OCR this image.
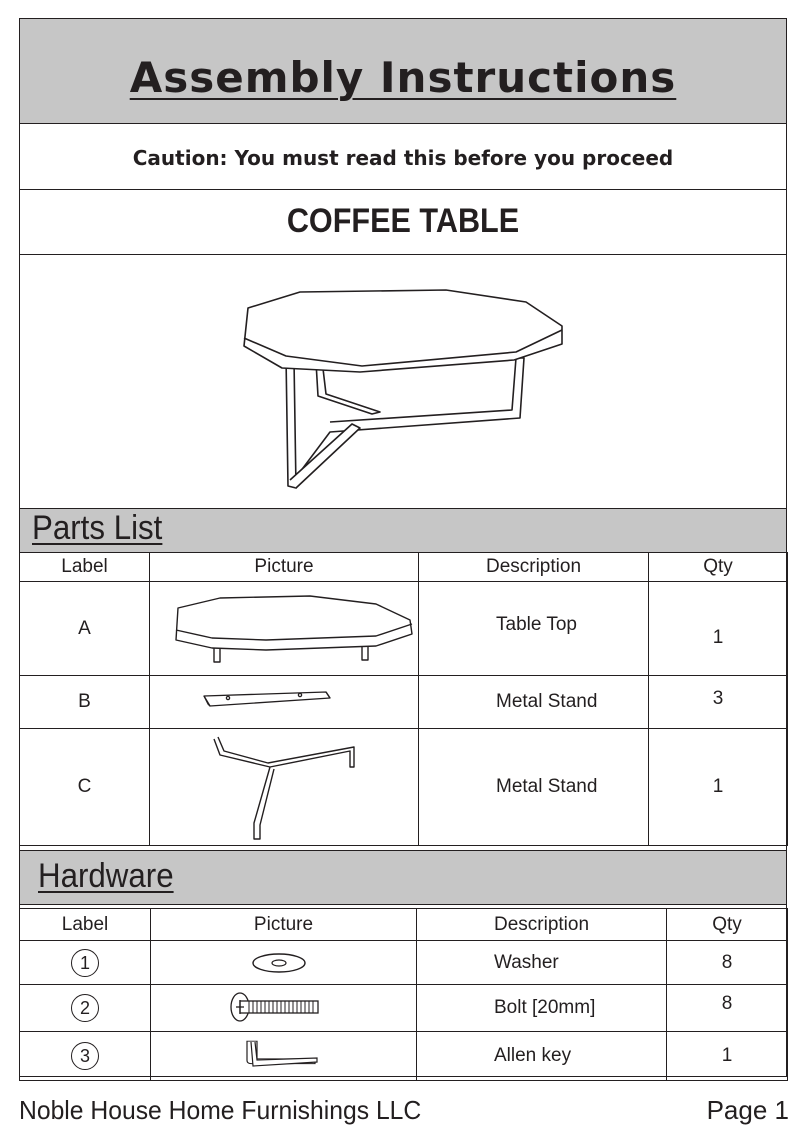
Assembly Instructions
Caution: You must read this before you proceed
COFFEE TABLE
Parts List
Label	Picture	Description	Qty
A		Table Top	1
B		Metal Stand	3
C		Metal Stand	1
Hardware
Label	Picture	Description	Qty
1		Washer	8
2		Bolt [20mm]	8
3		Allen key	1
Noble House Home Furnishings LLC	Page 1
